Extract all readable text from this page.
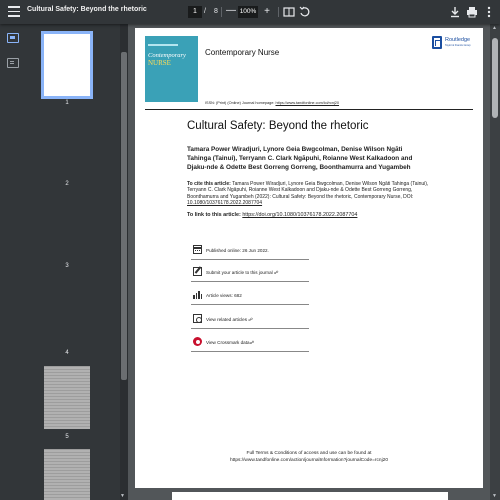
Cultural Safety: Beyond the rhetoric	1	/ 8 — 100% +
1
2
3
4
5
▲
▼
▼
Contemporary
NURSE
Contemporary Nurse
Routledge
Taylor & Francis Group
ISSN: (Print) (Online) Journal homepage: https://www.tandfonline.com/loi/rcnj20
Cultural Safety: Beyond the rhetoric
Tamara Power Wiradjuri, Lynore Geia Bwgcolman, Denise Wilson Ngāti Tahinga (Tainui), Terryann C. Clark Ngāpuhi, Roianne West Kalkadoon and Djaku-nde & Odette Best Gorreng Gorreng, Boonthamurra and Yugambeh
To cite this article: Tamara Power Wiradjuri, Lynore Geia Bwgcolman, Denise Wilson Ngāti Tahinga (Tainui), Terryann C. Clark Ngāpuhi, Roianne West Kalkadoon and Djaku-nde & Odette Best Gorreng Gorreng, Boonthamurra and Yugambeh (2022): Cultural Safety: Beyond the rhetoric, Contemporary Nurse, DOI: 10.1080/10376178.2022.2087704
To link to this article: https://doi.org/10.1080/10376178.2022.2087704
Published online: 26 Jun 2022.
Submit your article to this journal ☍
Article views: 682
View related articles ☍
View Crossmark data☍
Full Terms & Conditions of access and use can be found at
https://www.tandfonline.com/action/journalInformation?journalCode=rcnj20
